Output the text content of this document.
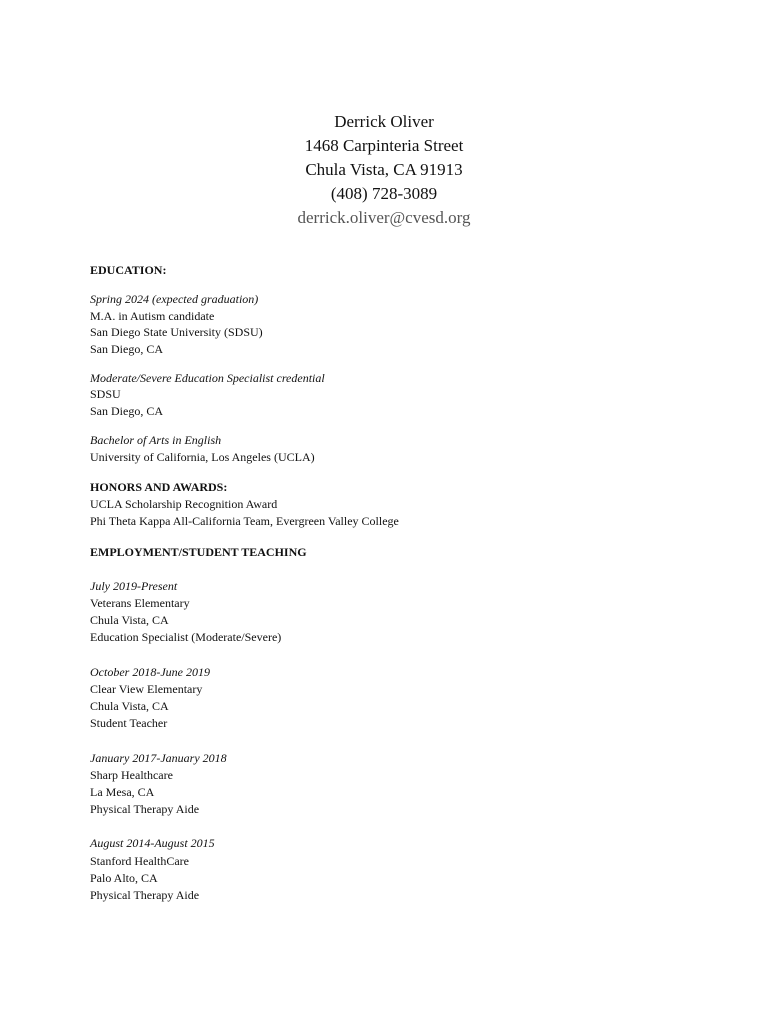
Derrick Oliver
1468 Carpinteria Street
Chula Vista, CA 91913
(408) 728-3089
derrick.oliver@cvesd.org
EDUCATION:
Spring 2024 (expected graduation)
M.A. in Autism candidate
San Diego State University (SDSU)
San Diego, CA
Moderate/Severe Education Specialist credential
SDSU
San Diego, CA
Bachelor of Arts in English
University of California, Los Angeles (UCLA)
HONORS AND AWARDS:
UCLA Scholarship Recognition Award
Phi Theta Kappa All-California Team, Evergreen Valley College
EMPLOYMENT/STUDENT TEACHING
July 2019-Present
Veterans Elementary
Chula Vista, CA
Education Specialist (Moderate/Severe)
October 2018-June 2019
Clear View Elementary
Chula Vista, CA
Student Teacher
January 2017-January 2018
Sharp Healthcare
La Mesa, CA
Physical Therapy Aide
August 2014-August 2015
Stanford HealthCare
Palo Alto, CA
Physical Therapy Aide
